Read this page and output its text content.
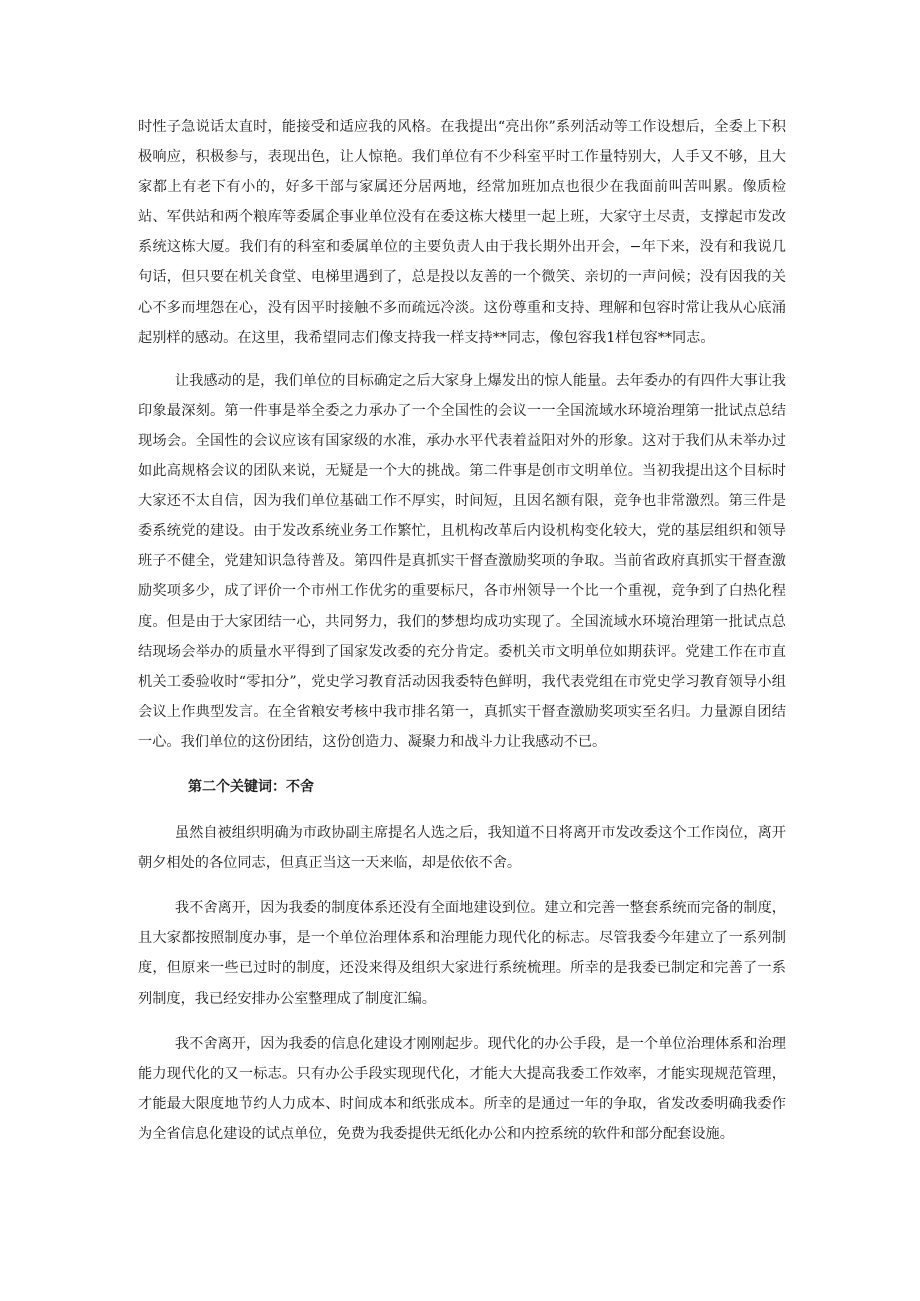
时性子急说话太直时，能接受和适应我的风格。在我提出“亮出你”系列活动等工作设想后，全委上下积极响应，积极参与，表现出色，让人惊艳。我们单位有不少科室平时工作量特别大，人手又不够，且大家都上有老下有小的，好多干部与家属还分居两地，经常加班加点也很少在我面前叫苦叫累。像质检站、军供站和两个粮库等委属企事业单位没有在委这栋大楼里一起上班，大家守土尽责，支撑起市发改系统这栋大厦。我们有的科室和委属单位的主要负责人由于我长期外出开会，−年下来，没有和我说几句话，但只要在机关食堂、电梯里遇到了，总是投以友善的一个微笑、亲切的一声问候；没有因我的关心不多而埋怨在心，没有因平时接触不多而疏远冷淡。这份尊重和支持、理解和包容时常让我从心底涌起别样的感动。在这里，我希望同志们像支持我一样支持**同志，像包容我1样包容**同志。

让我感动的是，我们单位的目标确定之后大家身上爆发出的惊人能量。去年委办的有四件大事让我印象最深刻。第一件事是举全委之力承办了一个全国性的会议一一全国流域水环境治理第一批试点总结现场会。全国性的会议应该有国家级的水准，承办水平代表着益阳对外的形象。这对于我们从未举办过如此高规格会议的团队来说，无疑是一个大的挑战。第二件事是创市文明单位。当初我提出这个目标时大家还不太自信，因为我们单位基础工作不厚实，时间短，且因名额有限，竞争也非常激烈。第三件是委系统党的建设。由于发改系统业务工作繁忙，且机构改革后内设机构变化较大，党的基层组织和领导班子不健全，党建知识急待普及。第四件是真抓实干督查激励奖项的争取。当前省政府真抓实干督查激励奖项多少，成了评价一个市州工作优劣的重要标尺，各市州领导一个比一个重视，竞争到了白热化程度。但是由于大家团结一心，共同努力，我们的梦想均成功实现了。全国流域水环境治理第一批试点总结现场会举办的质量水平得到了国家发改委的充分肯定。委机关市文明单位如期获评。党建工作在市直机关工委验收时“零扣分”，党史学习教育活动因我委特色鲜明，我代表党组在市党史学习教育领导小组会议上作典型发言。在全省粮安考核中我市排名第一，真抓实干督查激励奖项实至名归。力量源自团结一心。我们单位的这份团结，这份创造力、凝聚力和战斗力让我感动不已。

第二个关键词：不舍

虽然自被组织明确为市政协副主席提名人选之后，我知道不日将离开市发改委这个工作岗位，离开朝夕相处的各位同志，但真正当这一天来临，却是依依不舍。

我不舍离开，因为我委的制度体系还没有全面地建设到位。建立和完善一整套系统而完备的制度，且大家都按照制度办事，是一个单位治理体系和治理能力现代化的标志。尽管我委今年建立了一系列制度，但原来一些已过时的制度，还没来得及组织大家进行系统梳理。所幸的是我委已制定和完善了一系列制度，我已经安排办公室整理成了制度汇编。

我不舍离开，因为我委的信息化建设才刚刚起步。现代化的办公手段，是一个单位治理体系和治理能力现代化的又一标志。只有办公手段实现现代化，才能大大提高我委工作效率，才能实现规范管理，才能最大限度地节约人力成本、时间成本和纸张成本。所幸的是通过一年的争取，省发改委明确我委作为全省信息化建设的试点单位，免费为我委提供无纸化办公和内控系统的软件和部分配套设施。
